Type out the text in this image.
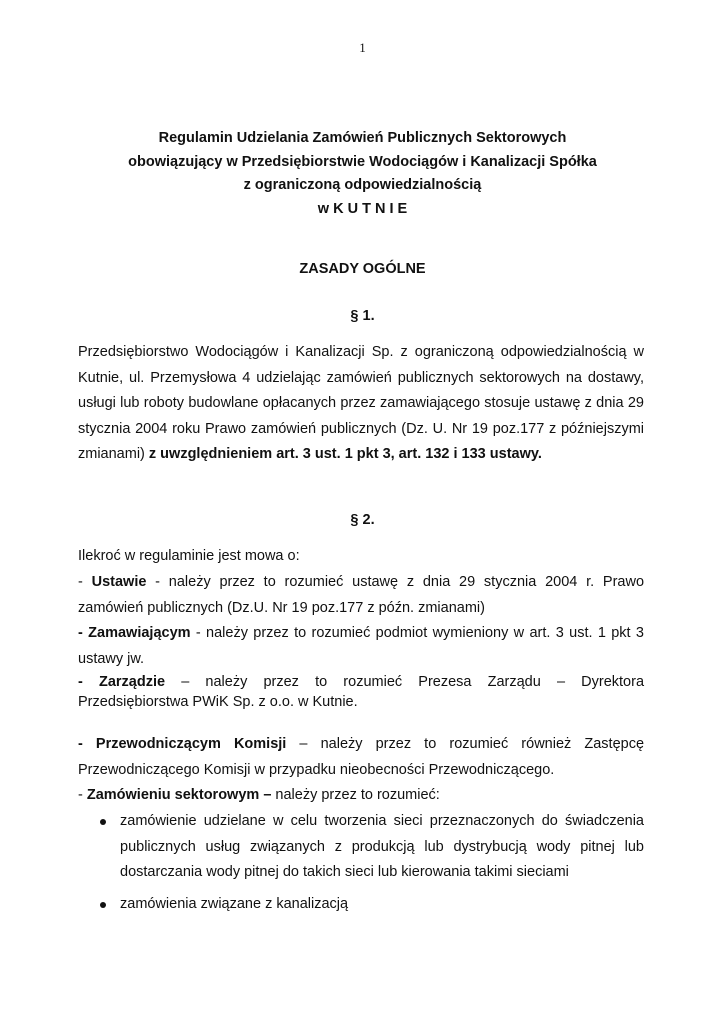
1
Regulamin Udzielania Zamówień Publicznych Sektorowych
obowiązujący w Przedsiębiorstwie Wodociągów i Kanalizacji Spółka
z ograniczoną odpowiedzialnością
w K U T N I E
ZASADY OGÓLNE
§ 1.
Przedsiębiorstwo Wodociągów i Kanalizacji Sp. z ograniczoną odpowiedzialnością w Kutnie, ul. Przemysłowa 4 udzielając zamówień publicznych sektorowych na dostawy, usługi lub roboty budowlane opłacanych przez zamawiającego stosuje ustawę z dnia 29 stycznia 2004 roku Prawo zamówień publicznych (Dz. U. Nr 19 poz.177 z późniejszymi zmianami) z uwzględnieniem art. 3 ust. 1 pkt 3, art. 132 i 133 ustawy.
§ 2.
Ilekroć w regulaminie jest mowa o:
- Ustawie - należy przez to rozumieć ustawę z dnia 29 stycznia 2004 r. Prawo zamówień publicznych (Dz.U. Nr 19 poz.177 z późn. zmianami)
- Zamawiającym - należy przez to rozumieć podmiot wymieniony w art. 3 ust. 1 pkt 3 ustawy jw.
- Zarządzie – należy przez to rozumieć Prezesa Zarządu – Dyrektora
Przedsiębiorstwa PWiK Sp. z o.o. w Kutnie.
- Przewodniczącym Komisji – należy przez to rozumieć również Zastępcę Przewodniczącego Komisji w przypadku nieobecności Przewodniczącego.
- Zamówieniu sektorowym – należy przez to rozumieć:
zamówienie udzielane w celu tworzenia sieci przeznaczonych do świadczenia publicznych usług związanych z produkcją lub dystrybucją wody pitnej lub dostarczania wody pitnej do takich sieci lub kierowania takimi sieciami
zamówienia związane z kanalizacją
